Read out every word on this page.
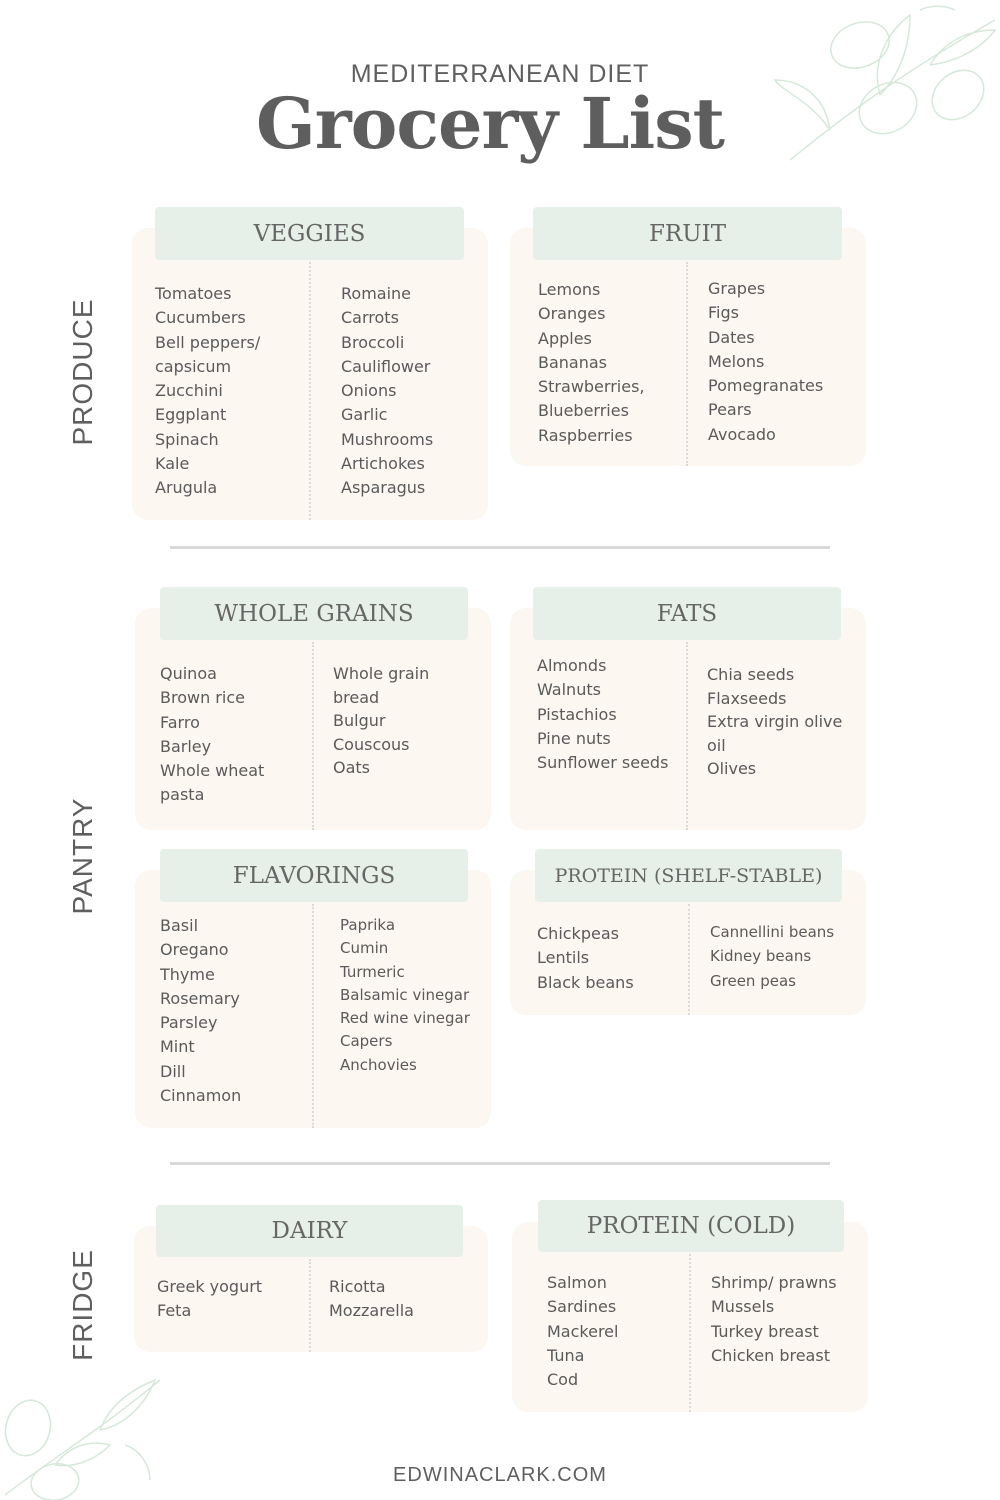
MEDITERRANEAN DIET
Grocery List
PRODUCE
PANTRY
FRIDGE
VEGGIES
Tomatoes
Cucumbers
Bell peppers/
capsicum
Zucchini
Eggplant
Spinach
Kale
Arugula
Romaine
Carrots
Broccoli
Cauliflower
Onions
Garlic
Mushrooms
Artichokes
Asparagus
FRUIT
Lemons
Oranges
Apples
Bananas
Strawberries,
Blueberries
Raspberries
Grapes
Figs
Dates
Melons
Pomegranates
Pears
Avocado
WHOLE GRAINS
Quinoa
Brown rice
Farro
Barley
Whole wheat
pasta
Whole grain
bread
Bulgur
Couscous
Oats
FATS
Almonds
Walnuts
Pistachios
Pine nuts
Sunflower seeds
Chia seeds
Flaxseeds
Extra virgin olive
oil
Olives
FLAVORINGS
Basil
Oregano
Thyme
Rosemary
Parsley
Mint
Dill
Cinnamon
Paprika
Cumin
Turmeric
Balsamic vinegar
Red wine vinegar
Capers
Anchovies
PROTEIN (SHELF-STABLE)
Chickpeas
Lentils
Black beans
Cannellini beans
Kidney beans
Green peas
DAIRY
Greek yogurt
Feta
Ricotta
Mozzarella
PROTEIN (COLD)
Salmon
Sardines
Mackerel
Tuna
Cod
Shrimp/ prawns
Mussels
Turkey breast
Chicken breast
EDWINACLARK.COM
